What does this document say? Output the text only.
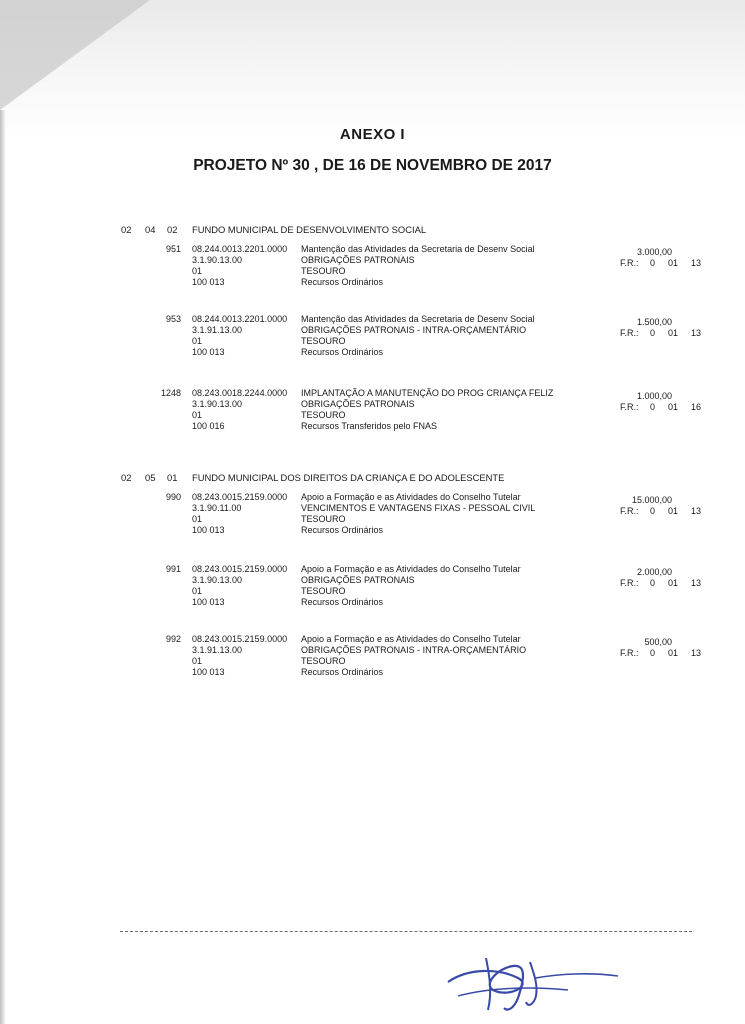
ANEXO I
PROJETO Nº 30 , DE 16 DE NOVEMBRO DE 2017
02 04 02 FUNDO MUNICIPAL DE DESENVOLVIMENTO SOCIAL
02 05 01 FUNDO MUNICIPAL DOS DIREITOS DA CRIANÇA E DO ADOLESCENTE
951 08.244.0013.2201.0000
3.1.90.13.00
01
100 013
Mantenção das Atividades da Secretaria de Desenv Social
OBRIGAÇÕES PATRONAIS
TESOURO
Recursos Ordinários
3.000,00
F.R.: 0 01 13
953 08.244.0013.2201.0000
3.1.91.13.00
01
100 013
Mantenção das Atividades da Secretaria de Desenv Social
OBRIGAÇÕES PATRONAIS - INTRA-ORÇAMENTÁRIO
TESOURO
Recursos Ordinários
1.500,00
F.R.: 0 01 13
1248 08.243.0018.2244.0000
3.1.90.13.00
01
100 016
IMPLANTAÇÃO A MANUTENÇÃO DO PROG CRIANÇA FELIZ
OBRIGAÇÕES PATRONAIS
TESOURO
Recursos Transferidos pelo FNAS
1.000,00
F.R.: 0 01 16
990 08.243.0015.2159.0000
3.1.90.11.00
01
100 013
Apoio a Formação e as Atividades do Conselho Tutelar
VENCIMENTOS E VANTAGENS FIXAS - PESSOAL CIVIL
TESOURO
Recursos Ordinários
15.000,00
F.R.: 0 01 13
991 08.243.0015.2159.0000
3.1.90.13.00
01
100 013
Apoio a Formação e as Atividades do Conselho Tutelar
OBRIGAÇÕES PATRONAIS
TESOURO
Recursos Ordinários
2.000,00
F.R.: 0 01 13
992 08.243.0015.2159.0000
3.1.91.13.00
01
100 013
Apoio a Formação e as Atividades do Conselho Tutelar
OBRIGAÇÕES PATRONAIS - INTRA-ORÇAMENTÁRIO
TESOURO
Recursos Ordinários
500,00
F.R.: 0 01 13
